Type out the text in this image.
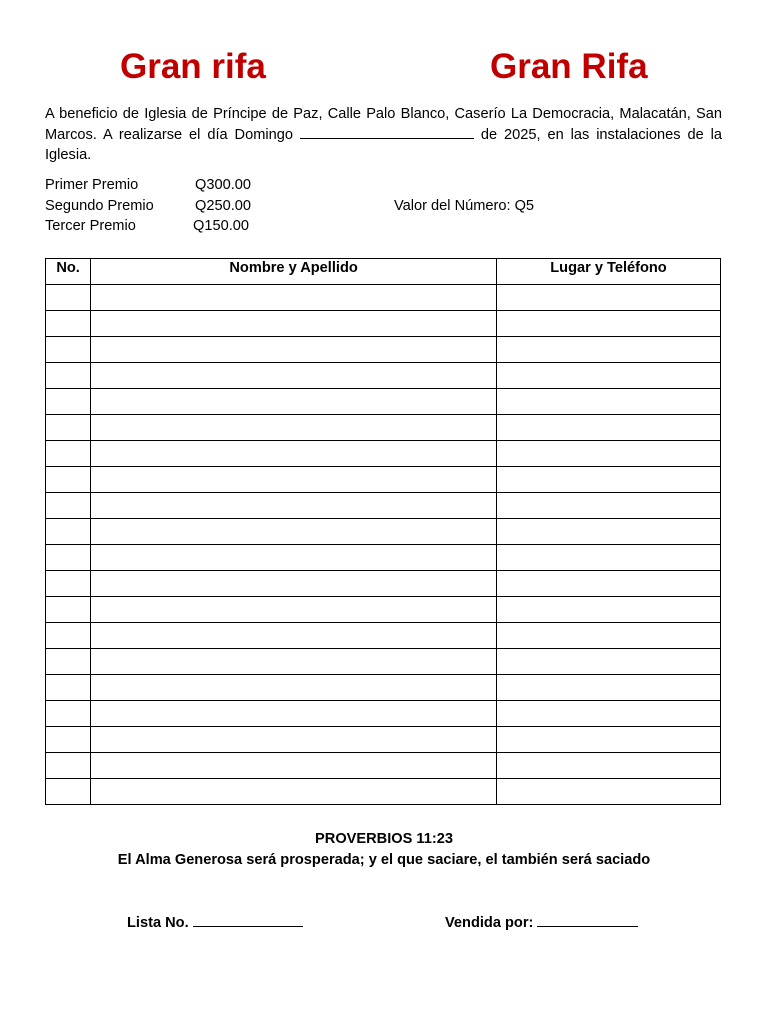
Gran rifa	Gran Rifa
A beneficio de Iglesia de Príncipe de Paz, Calle Palo Blanco, Caserío La Democracia, Malacatán, San Marcos. A realizarse el día Domingo	de 2025, en las instalaciones de la Iglesia.
Primer Premio	Q300.00
Segundo Premio	Q250.00
Tercer Premio	Q150.00
Valor del Número: Q5
No.	Nombre y Apellido	Lugar y Teléfono

PROVERBIOS 11:23
El Alma Generosa será prosperada; y el que saciare, el también será saciado
Lista No.	Vendida por:
